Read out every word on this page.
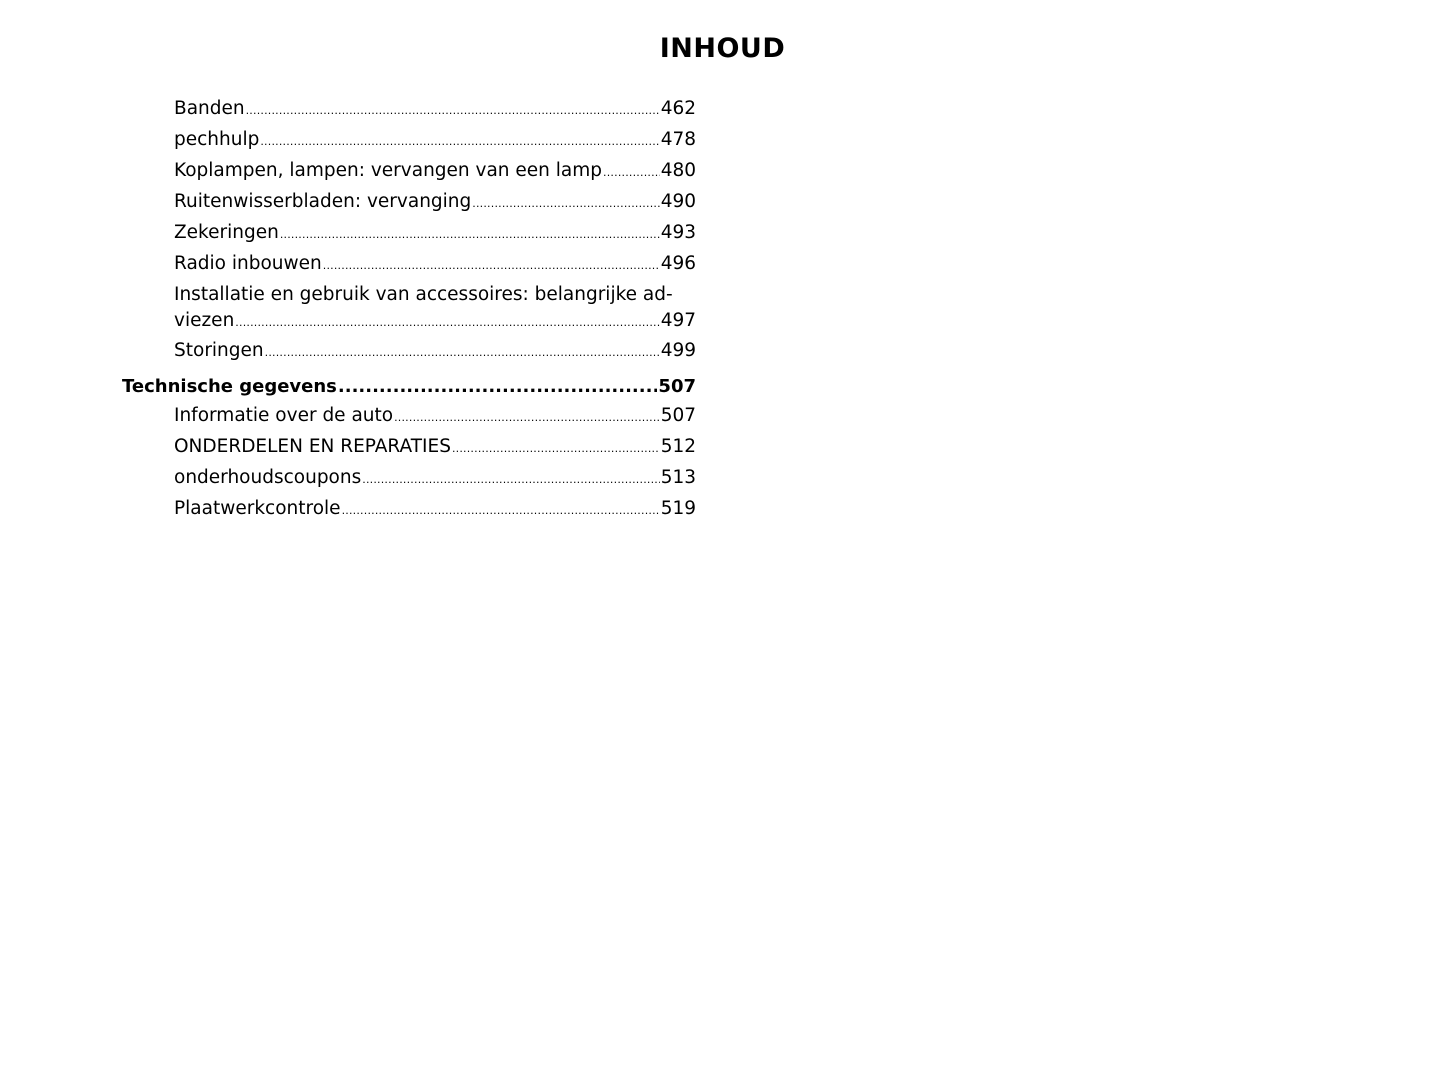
INHOUD
Banden .....	462
pechhulp .....	478
Koplampen, lampen: vervangen van een lamp .....	480
Ruitenwisserbladen: vervanging .....	490
Zekeringen .....	493
Radio inbouwen .....	496
Installatie en gebruik van accessoires: belangrijke ad-
viezen .....	497
Storingen .....	499
Technische gegevens .....	507
Informatie over de auto .....	507
ONDERDELEN EN REPARATIES .....	512
onderhoudscoupons .....	513
Plaatwerkcontrole .....	519
